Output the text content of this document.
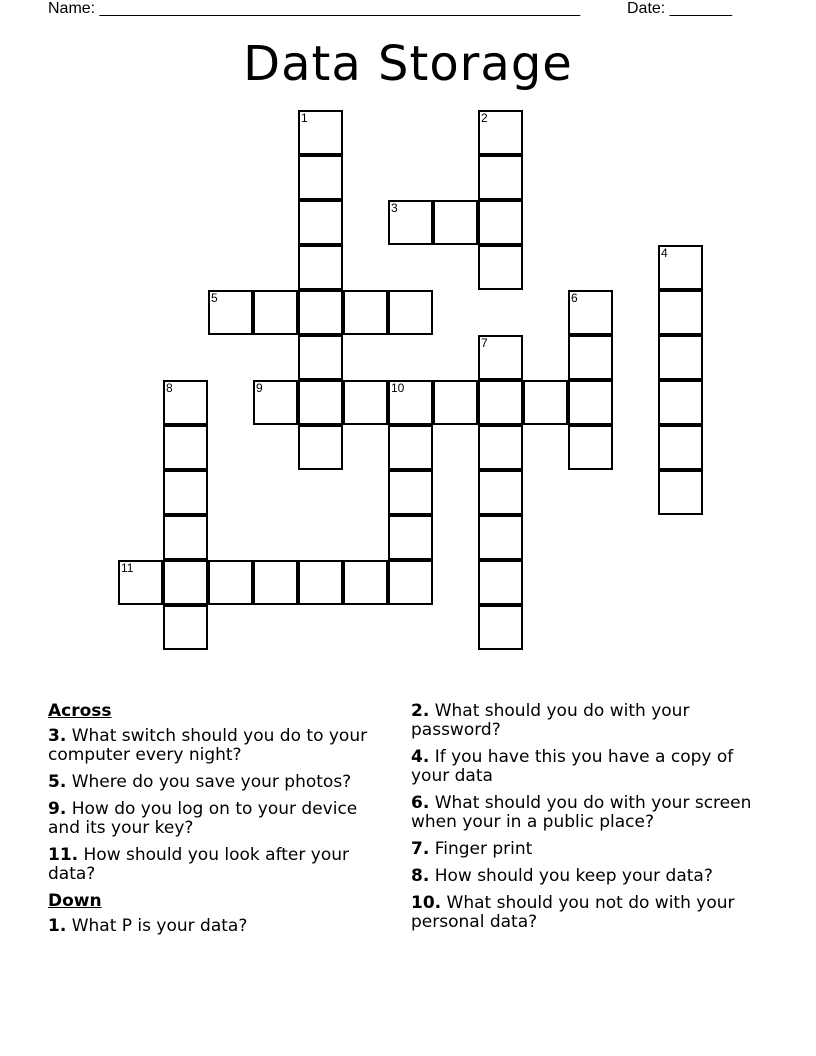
Name: ______________________________________________________	Date: _______
Data Storage
1	2
3
4
5	6
7
8	9	10
11
Across
3. What switch should you do to your computer every night?
5. Where do you save your photos?
9. How do you log on to your device and its your key?
11. How should you look after your data?
Down
1. What P is your data?
2. What should you do with your password?
4. If you have this you have a copy of your data
6. What should you do with your screen when your in a public place?
7. Finger print
8. How should you keep your data?
10. What should you not do with your personal data?
